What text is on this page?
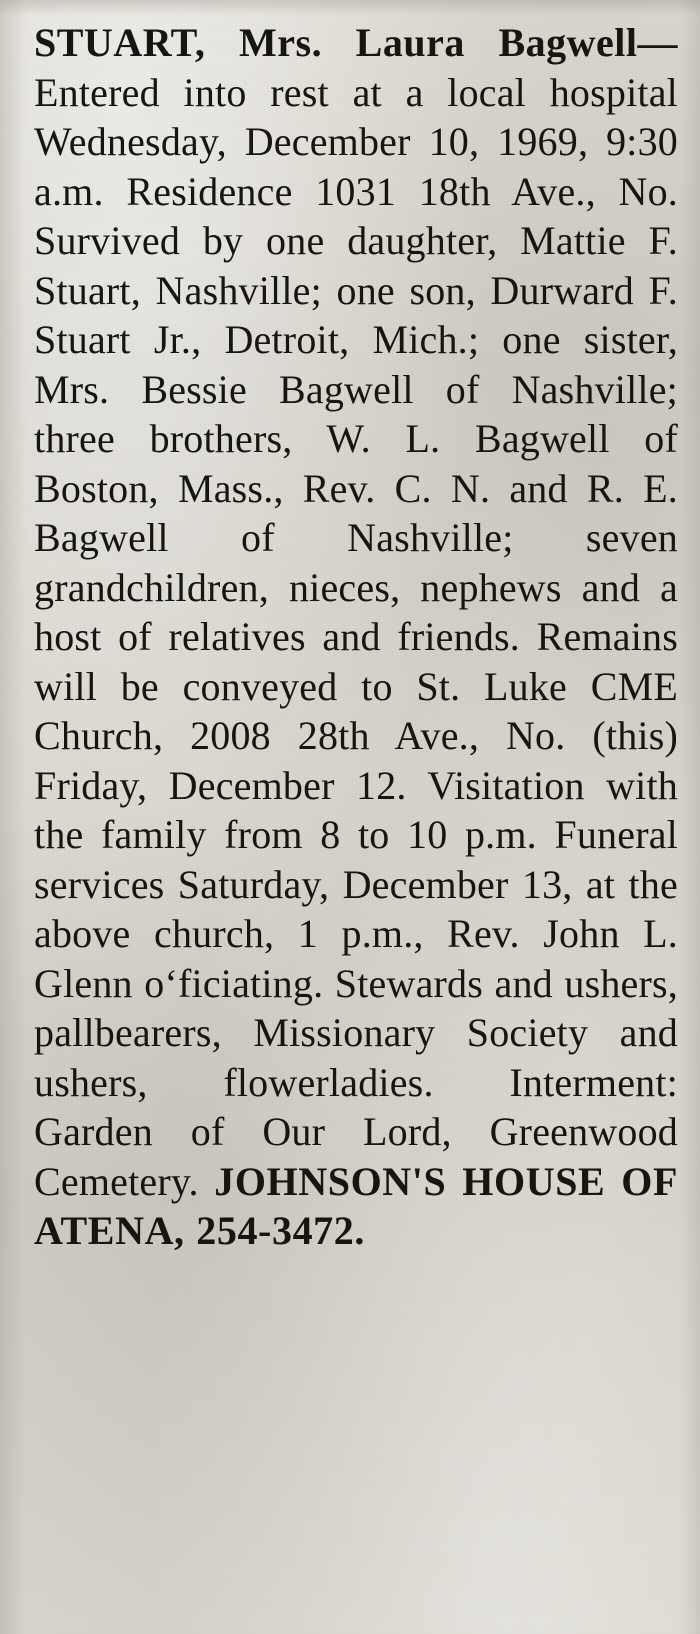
STUART, Mrs. Laura Bagwell—Entered into rest at a local hospital Wednesday, December 10, 1969, 9:30 a.m. Residence 1031 18th Ave., No. Survived by one daughter, Mattie F. Stuart, Nashville; one son, Durward F. Stuart Jr., Detroit, Mich.; one sister, Mrs. Bessie Bagwell of Nashville; three brothers, W. L. Bagwell of Boston, Mass., Rev. C. N. and R. E. Bagwell of Nashville; seven grandchildren, nieces, nephews and a host of relatives and friends. Remains will be conveyed to St. Luke CME Church, 2008 28th Ave., No. (this) Friday, December 12. Visitation with the family from 8 to 10 p.m. Funeral services Saturday, December 13, at the above church, 1 p.m., Rev. John L. Glenn o‘ficiating. Stewards and ushers, pallbearers, Missionary Society and ushers, flowerladies. Interment: Garden of Our Lord, Greenwood Cemetery. JOHNSON'S HOUSE OF ATENA, 254-3472.
